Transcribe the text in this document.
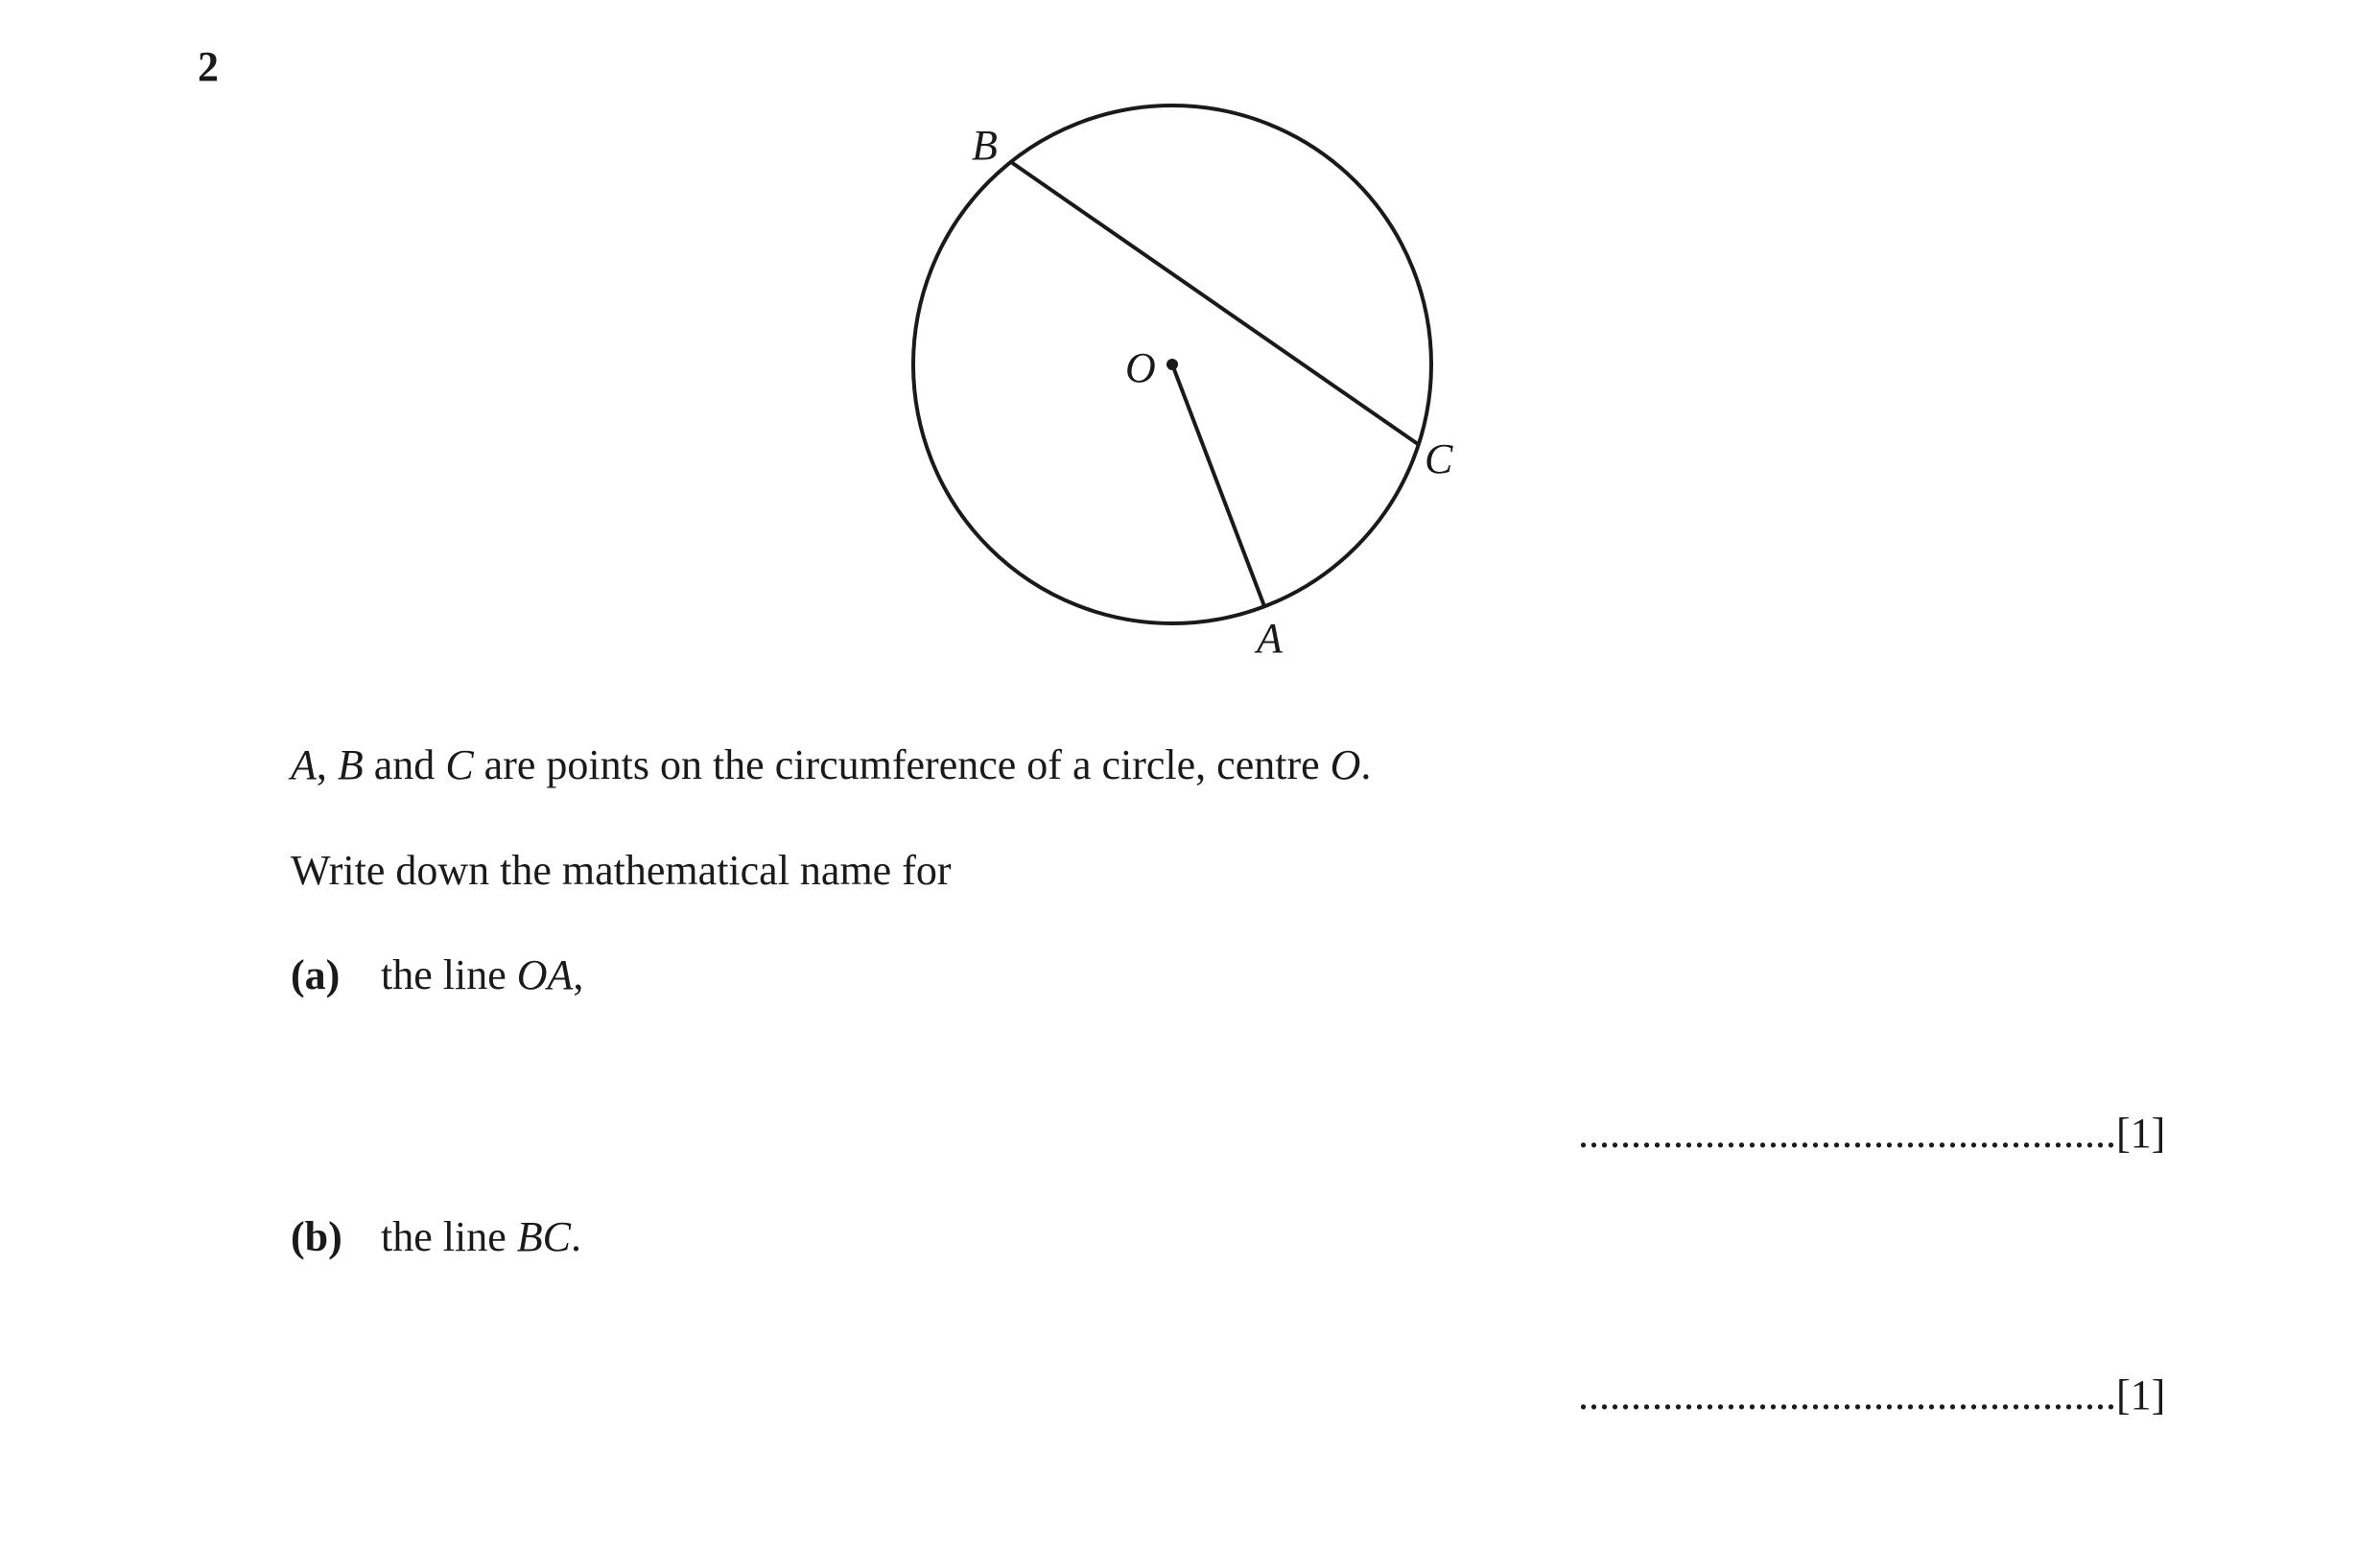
2
B
O
C
A
A, B and C are points on the circumference of a circle, centre O.
Write down the mathematical name for
(a) the line OA,
...................................................[1]
(b) the line BC.
...................................................[1]
